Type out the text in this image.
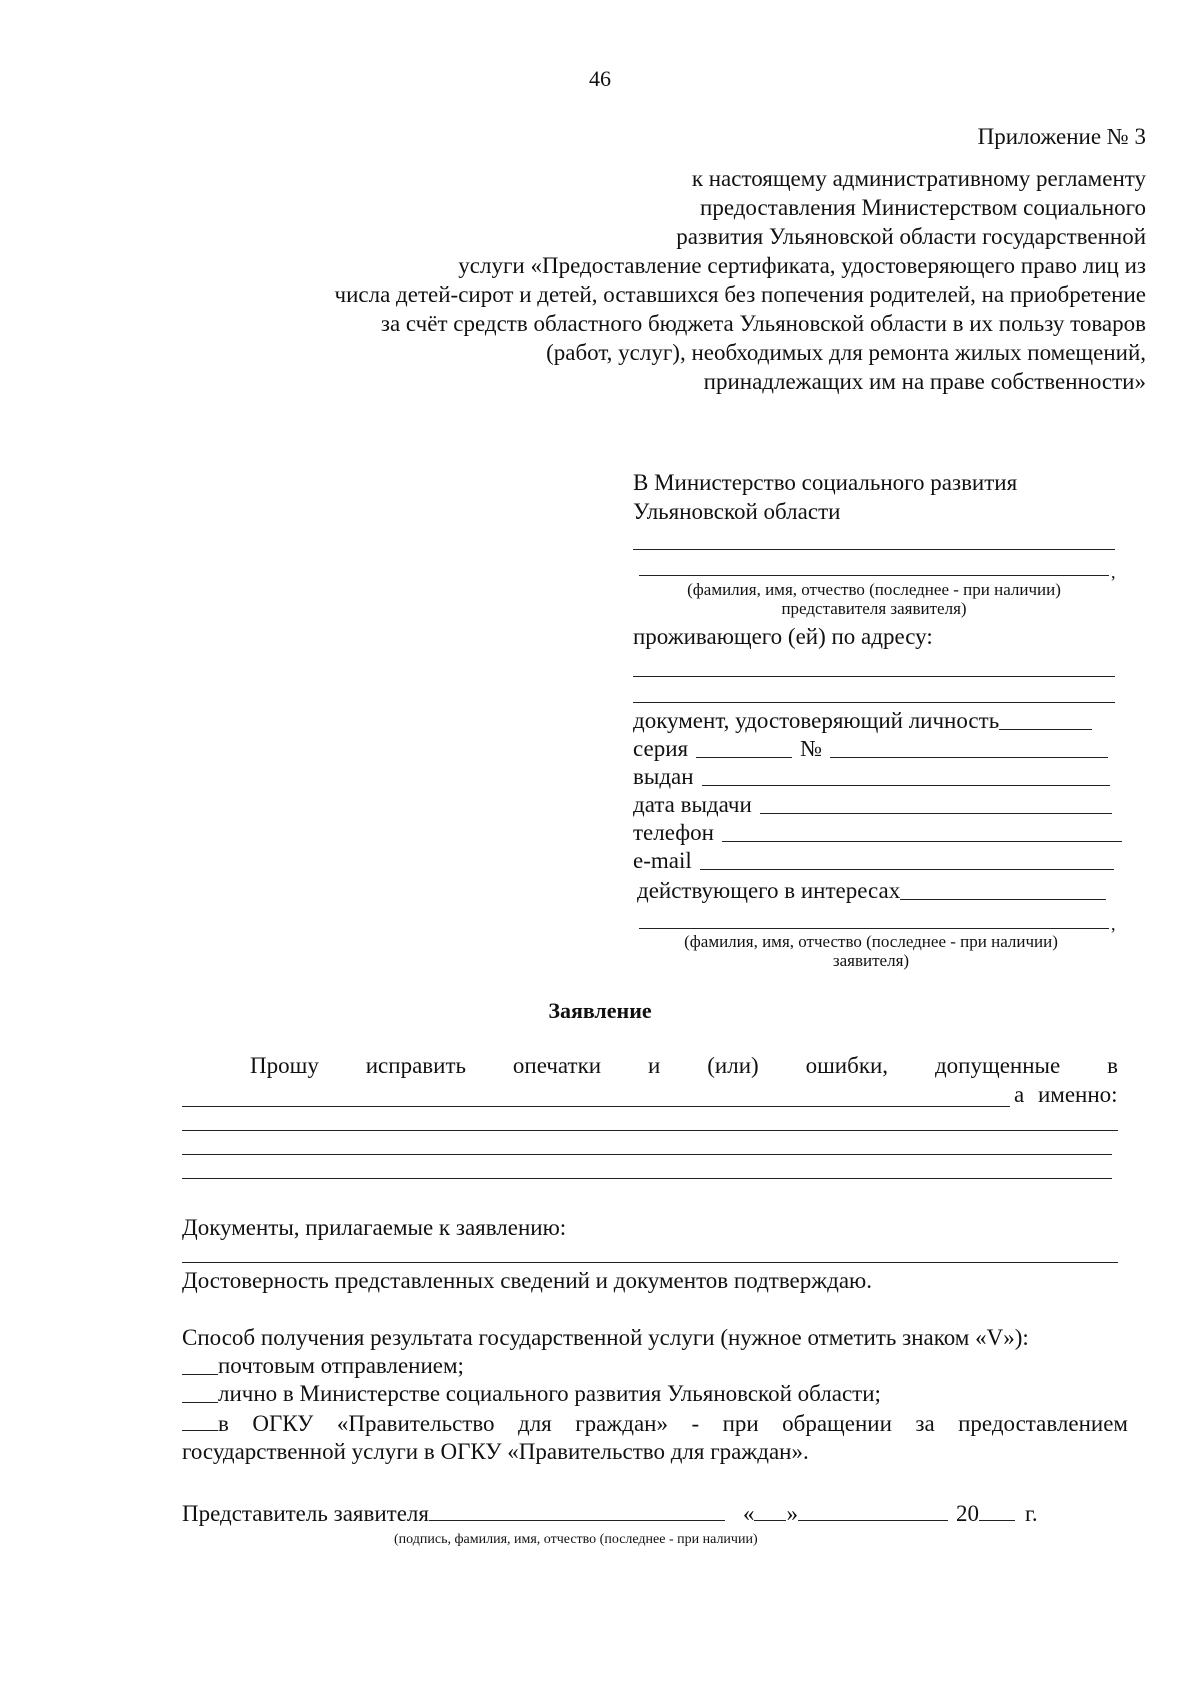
46
Приложение № 3
к настоящему административному регламенту
предоставления Министерством социального
развития Ульяновской области государственной
услуги «Предоставление сертификата, удостоверяющего право лиц из
числа детей-сирот и детей, оставшихся без попечения родителей, на приобретение
за счёт средств областного бюджета Ульяновской области в их пользу товаров
(работ, услуг), необходимых для ремонта жилых помещений,
принадлежащих им на праве собственности»
В Министерство социального развития
Ульяновской области
,
(фамилия, имя, отчество (последнее - при наличии)
представителя заявителя)
проживающего (ей) по адресу:
документ, удостоверяющий личность
серия	№
выдан
дата выдачи
телефон
e-mail
действующего в интересах
,
(фамилия, имя, отчество (последнее - при наличии)
заявителя)
Заявление
Прошу исправить опечатки и (или) ошибки, допущенные в
а именно:
Документы, прилагаемые к заявлению:
Достоверность представленных сведений и документов подтверждаю.
Способ получения результата государственной услуги (нужное отметить знаком «V»):
почтовым отправлением;
лично в Министерстве социального развития Ульяновской области;
в ОГКУ «Правительство для граждан» - при обращении за предоставлением
государственной услуги в ОГКУ «Правительство для граждан».
Представитель заявителя	« »	20 г.
(подпись, фамилия, имя, отчество (последнее - при наличии)
